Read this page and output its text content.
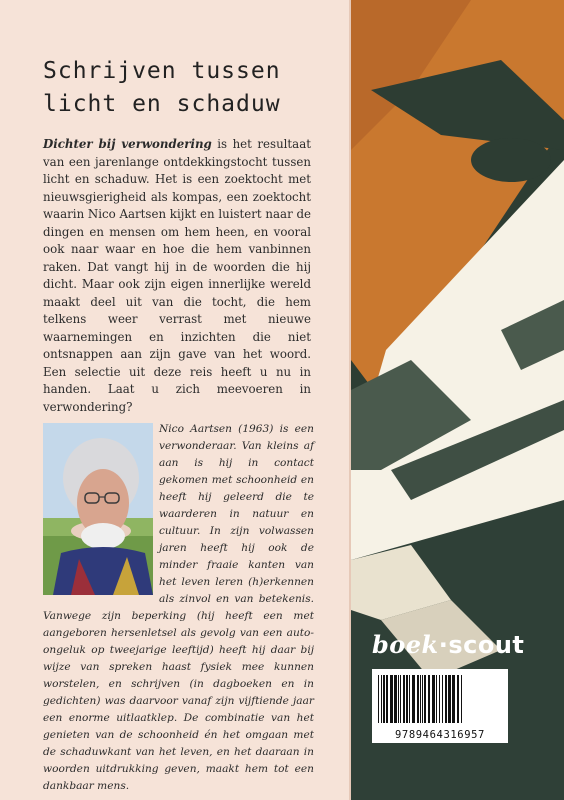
Schrijven tussen
licht en schaduw

Dichter bij verwondering is het resultaat van een jarenlange ontdekkingstocht tussen licht en schaduw. Het is een zoektocht met nieuwsgierigheid als kompas, een zoektocht waarin Nico Aartsen kijkt en luistert naar de dingen en mensen om hem heen, en vooral ook naar waar en hoe die hem vanbinnen raken. Dat vangt hij in de woorden die hij dicht. Maar ook zijn eigen innerlijke wereld maakt deel uit van die tocht, die hem telkens weer verrast met nieuwe waarnemingen en inzichten die niet ontsnappen aan zijn gave van het woord. Een selectie uit deze reis heeft u nu in handen. Laat u zich meevoeren in verwondering?

Nico Aartsen (1963) is een verwonderaar. Van kleins af aan is hij in contact gekomen met schoonheid en heeft hij geleerd die te waarderen in natuur en cultuur. In zijn volwassen jaren heeft hij ook de minder fraaie kanten van het leven leren (h)erkennen als zinvol en van betekenis. Vanwege zijn beperking (hij heeft een met aangeboren hersenletsel als gevolg van een auto-ongeluk op tweejarige leeftijd) heeft hij daar bij wijze van spreken haast fysiek mee kunnen worstelen, en schrijven (in dagboeken en in gedichten) was daarvoor vanaf zijn vijftiende jaar een enorme uitlaatklep. De combinatie van het genieten van de schoonheid én het omgaan met de schaduwkant van het leven, en het daaraan in woorden uitdrukking geven, maakt hem tot een dankbaar mens.

boek·scout
9789464316957
